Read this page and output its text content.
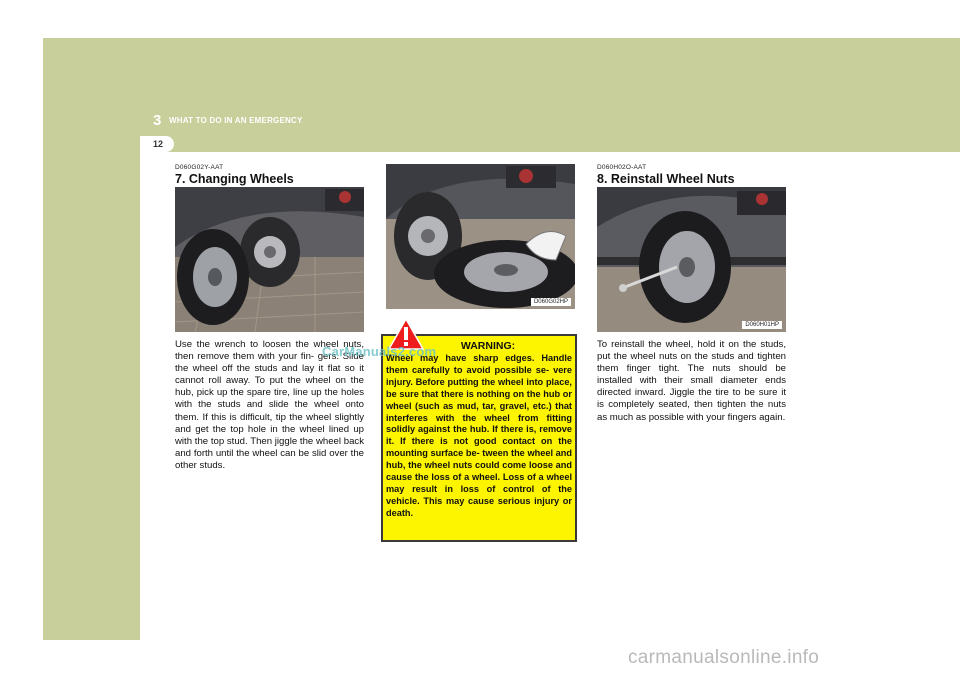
3 WHAT TO DO IN AN EMERGENCY
12
D060G02Y-AAT
7. Changing Wheels

Use the wrench to loosen the wheel nuts, then remove them with your fin- gers. Slide the wheel off the studs and lay it flat so it cannot roll away. To put the wheel on the hub, pick up the spare tire, line up the holes with the studs and slide the wheel onto them. If this is difficult, tip the wheel slightly and get the top hole in the wheel lined up with the top stud. Then jiggle the wheel back and forth until the wheel can be slid over the other studs.

D060G02HP
WARNING:

Wheel may have sharp edges. Handle them carefully to avoid possible se- vere injury. Before putting the wheel into place, be sure that there is nothing on the hub or wheel (such as mud, tar, gravel, etc.) that interferes with the wheel from fitting solidly against the hub. If there is, remove it. If there is not good contact on the mounting surface be- tween the wheel and hub, the wheel nuts could come loose and cause the loss of a wheel. Loss of a wheel may result in loss of control of the vehicle. This may cause serious injury or death.

CarManuals2.com
D060H02O-AAT
8. Reinstall Wheel Nuts
D060H01HP

To reinstall the wheel, hold it on the studs, put the wheel nuts on the studs and tighten them finger tight. The nuts should be installed with their small diameter ends directed inward. Jiggle the tire to be sure it is completely seated, then tighten the nuts as much as possible with your fingers again.

carmanualsonline.info
